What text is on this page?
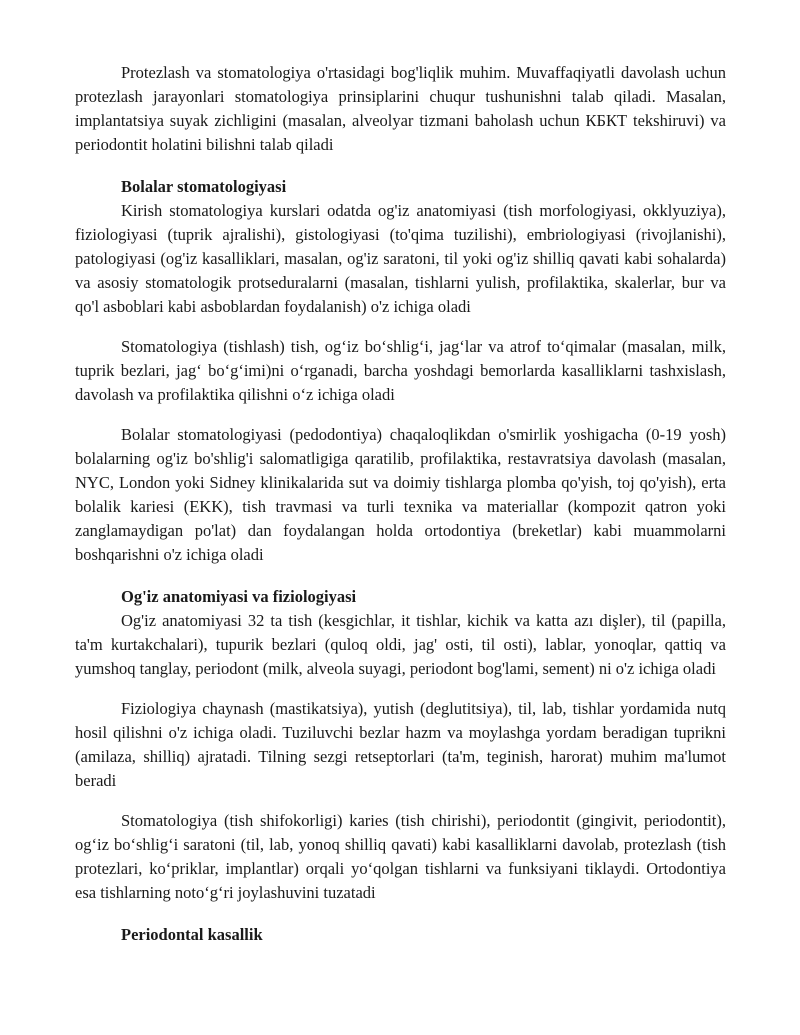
Protezlash va stomatologiya o'rtasidagi bog'liqlik muhim. Muvaffaqiyatli davolash uchun protezlash jarayonlari stomatologiya prinsiplarini chuqur tushunishni talab qiladi. Masalan, implantatsiya suyak zichligini (masalan, alveolyar tizmani baholash uchun КБКТ tekshiruvi) va periodontit holatini bilishni talab qiladi

Bolalar stomatologiyasi

Kirish stomatologiya kurslari odatda og'iz anatomiyasi (tish morfologiyasi, okklyuziya), fiziologiyasi (tuprik ajralishi), gistologiyasi (to'qima tuzilishi), embriologiyasi (rivojlanishi), patologiyasi (og'iz kasalliklari, masalan, og'iz saratoni, til yoki og'iz shilliq qavati kabi sohalarda) va asosiy stomatologik protseduralarni (masalan, tishlarni yulish, profilaktika, skalerlar, bur va qo'l asboblari kabi asboblardan foydalanish) o'z ichiga oladi

Stomatologiya (tishlash) tish, og‘iz bo‘shlig‘i, jag‘lar va atrof to‘qimalar (masalan, milk, tuprik bezlari, jag‘ bo‘g‘imi)ni o‘rganadi, barcha yoshdagi bemorlarda kasalliklarni tashxislash, davolash va profilaktika qilishni o‘z ichiga oladi

Bolalar stomatologiyasi (pedodontiya) chaqaloqlikdan o'smirlik yoshigacha (0-19 yosh) bolalarning og'iz bo'shlig'i salomatligiga qaratilib, profilaktika, restavratsiya davolash (masalan, NYC, London yoki Sidney klinikalarida sut va doimiy tishlarga plomba qo'yish, toj qo'yish), erta bolalik kariesi (EKK), tish travmasi va turli texnika va materiallar (kompozit qatron yoki zanglamaydigan po'lat) dan foydalangan holda ortodontiya (breketlar) kabi muammolarni boshqarishni o'z ichiga oladi

Og'iz anatomiyasi va fiziologiyasi

Og'iz anatomiyasi 32 ta tish (kesgichlar, it tishlar, kichik va katta azı dişler), til (papilla, ta'm kurtakchalari), tupurik bezlari (quloq oldi, jag' osti, til osti), lablar, yonoqlar, qattiq va yumshoq tanglay, periodont (milk, alveola suyagi, periodont bog'lami, sement) ni o'z ichiga oladi

Fiziologiya chaynash (mastikatsiya), yutish (deglutitsiya), til, lab, tishlar yordamida nutq hosil qilishni o'z ichiga oladi. Tuziluvchi bezlar hazm va moylashga yordam beradigan tuprikni (amilaza, shilliq) ajratadi. Tilning sezgi retseptorlari (ta'm, teginish, harorat) muhim ma'lumot beradi

Stomatologiya (tish shifokorligi) karies (tish chirishi), periodontit (gingivit, periodontit), og‘iz bo‘shlig‘i saratoni (til, lab, yonoq shilliq qavati) kabi kasalliklarni davolab, protezlash (tish protezlari, ko‘priklar, implantlar) orqali yo‘qolgan tishlarni va funksiyani tiklaydi. Ortodontiya esa tishlarning noto‘g‘ri joylashuvini tuzatadi

Periodontal kasallik
